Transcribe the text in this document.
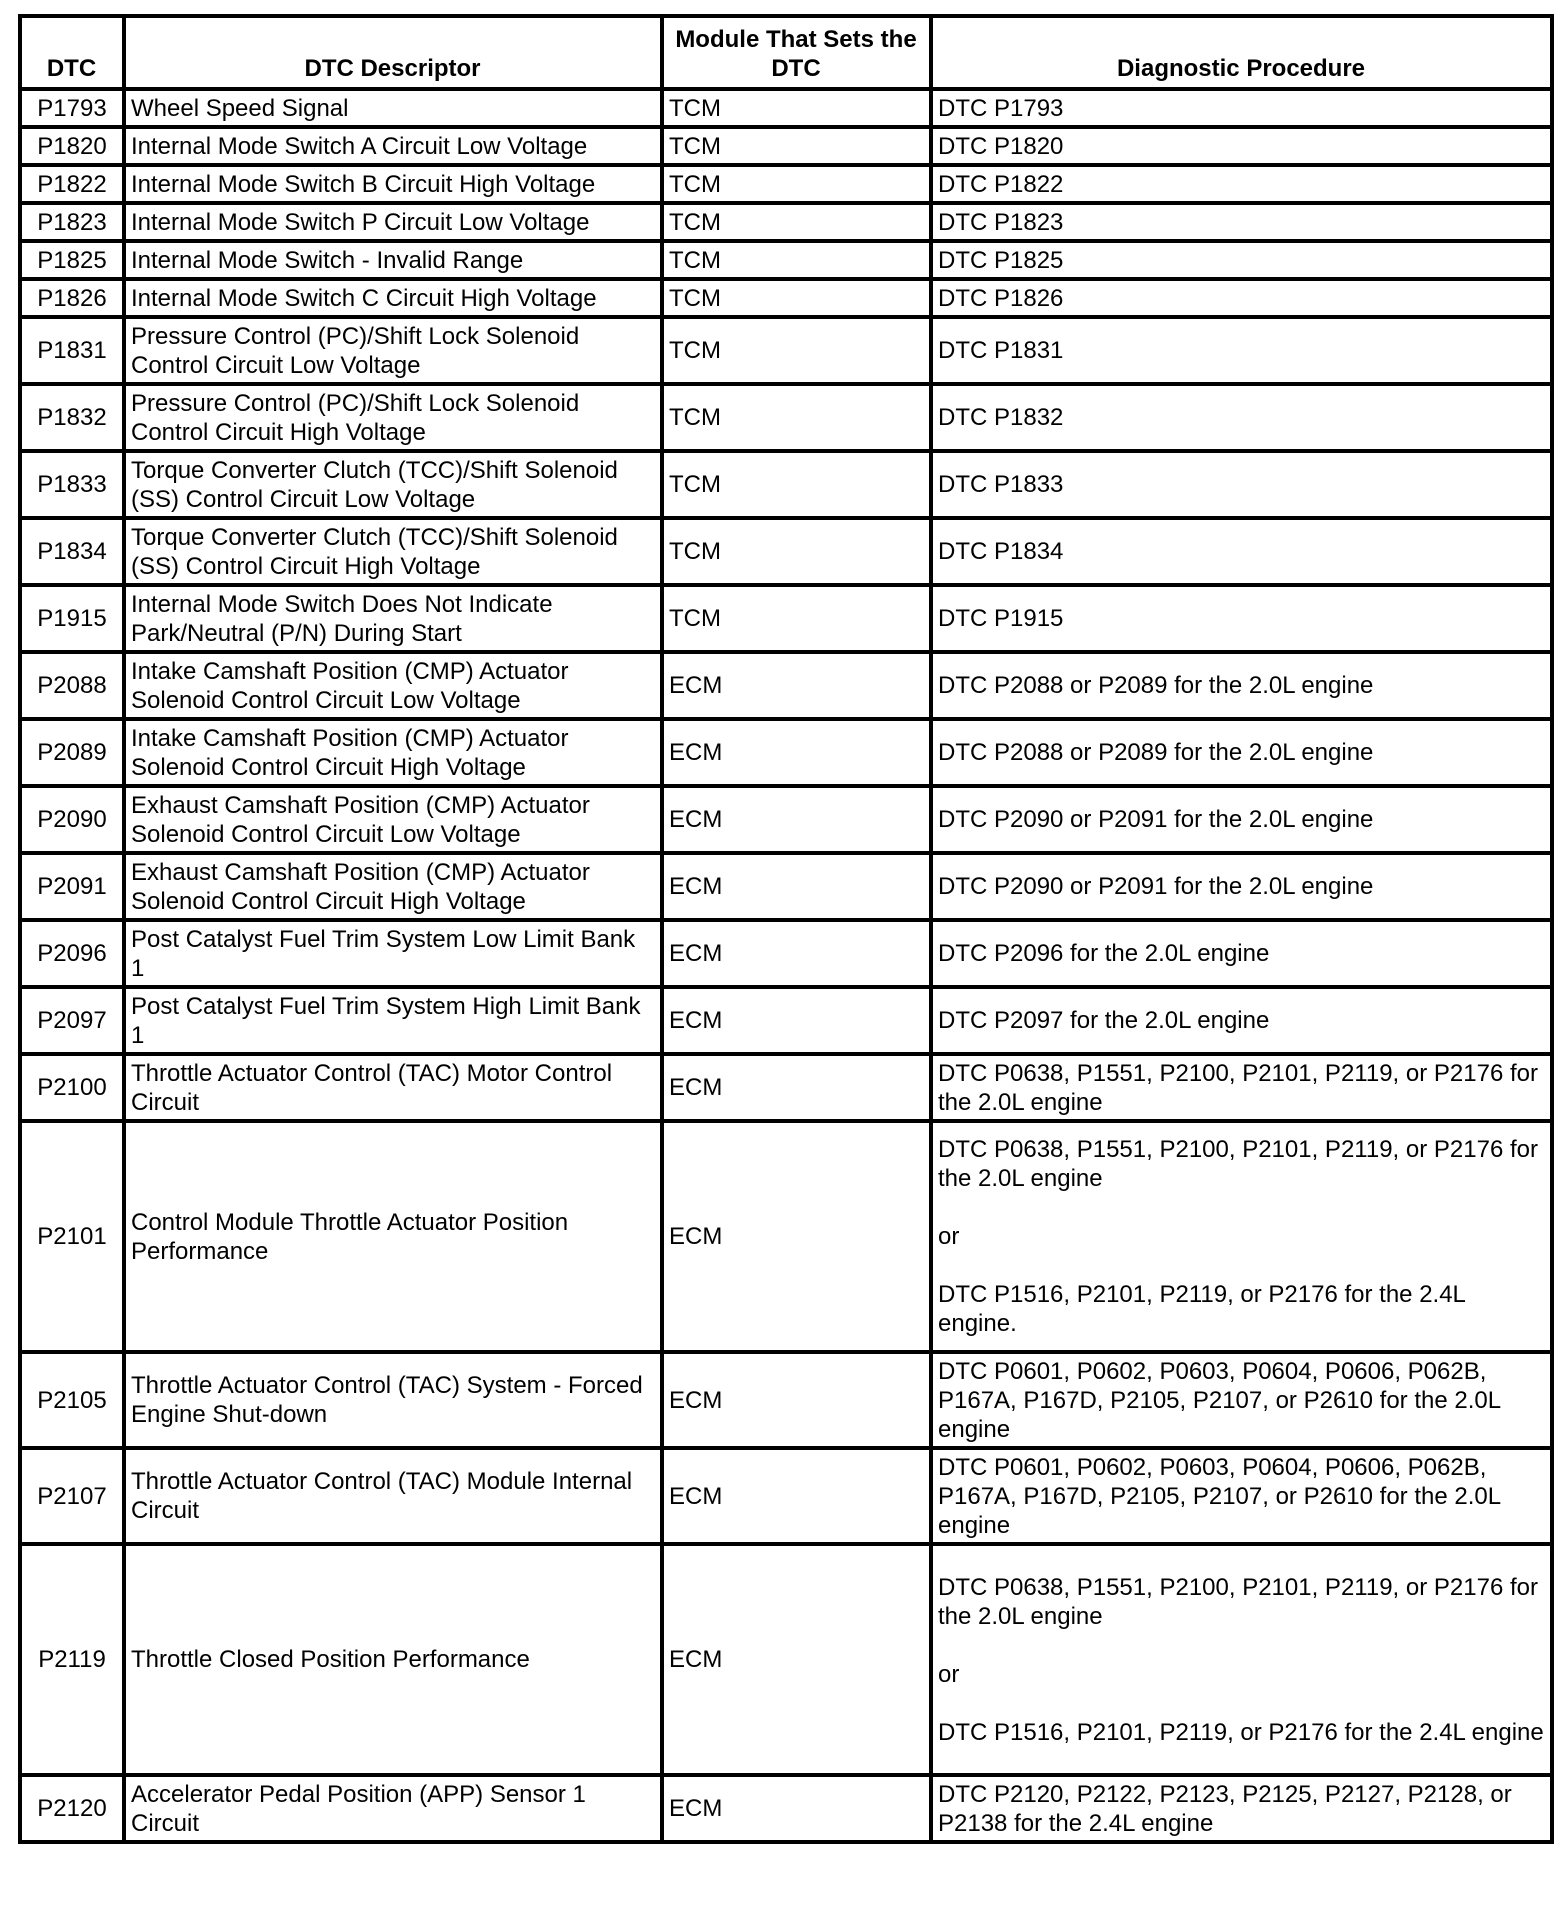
DTC	DTC Descriptor	Module That Sets the DTC	Diagnostic Procedure
P1793	Wheel Speed Signal	TCM	DTC P1793
P1820	Internal Mode Switch A Circuit Low Voltage	TCM	DTC P1820
P1822	Internal Mode Switch B Circuit High Voltage	TCM	DTC P1822
P1823	Internal Mode Switch P Circuit Low Voltage	TCM	DTC P1823
P1825	Internal Mode Switch - Invalid Range	TCM	DTC P1825
P1826	Internal Mode Switch C Circuit High Voltage	TCM	DTC P1826
P1831	Pressure Control (PC)/Shift Lock Solenoid Control Circuit Low Voltage	TCM	DTC P1831
P1832	Pressure Control (PC)/Shift Lock Solenoid Control Circuit High Voltage	TCM	DTC P1832
P1833	Torque Converter Clutch (TCC)/Shift Solenoid (SS) Control Circuit Low Voltage	TCM	DTC P1833
P1834	Torque Converter Clutch (TCC)/Shift Solenoid (SS) Control Circuit High Voltage	TCM	DTC P1834
P1915	Internal Mode Switch Does Not Indicate Park/Neutral (P/N) During Start	TCM	DTC P1915
P2088	Intake Camshaft Position (CMP) Actuator Solenoid Control Circuit Low Voltage	ECM	DTC P2088 or P2089 for the 2.0L engine
P2089	Intake Camshaft Position (CMP) Actuator Solenoid Control Circuit High Voltage	ECM	DTC P2088 or P2089 for the 2.0L engine
P2090	Exhaust Camshaft Position (CMP) Actuator Solenoid Control Circuit Low Voltage	ECM	DTC P2090 or P2091 for the 2.0L engine
P2091	Exhaust Camshaft Position (CMP) Actuator Solenoid Control Circuit High Voltage	ECM	DTC P2090 or P2091 for the 2.0L engine
P2096	Post Catalyst Fuel Trim System Low Limit Bank 1	ECM	DTC P2096 for the 2.0L engine
P2097	Post Catalyst Fuel Trim System High Limit Bank 1	ECM	DTC P2097 for the 2.0L engine
P2100	Throttle Actuator Control (TAC) Motor Control Circuit	ECM	DTC P0638, P1551, P2100, P2101, P2119, or P2176 for the 2.0L engine
P2101	Control Module Throttle Actuator Position Performance	ECM	DTC P0638, P1551, P2100, P2101, P2119, or P2176 for the 2.0L engine

or

DTC P1516, P2101, P2119, or P2176 for the 2.4L engine.
P2105	Throttle Actuator Control (TAC) System - Forced Engine Shut-down	ECM	DTC P0601, P0602, P0603, P0604, P0606, P062B, P167A, P167D, P2105, P2107, or P2610 for the 2.0L engine
P2107	Throttle Actuator Control (TAC) Module Internal Circuit	ECM	DTC P0601, P0602, P0603, P0604, P0606, P062B, P167A, P167D, P2105, P2107, or P2610 for the 2.0L engine
P2119	Throttle Closed Position Performance	ECM	DTC P0638, P1551, P2100, P2101, P2119, or P2176 for the 2.0L engine

or

DTC P1516, P2101, P2119, or P2176 for the 2.4L engine
P2120	Accelerator Pedal Position (APP) Sensor 1 Circuit	ECM	DTC P2120, P2122, P2123, P2125, P2127, P2128, or P2138 for the 2.4L engine
